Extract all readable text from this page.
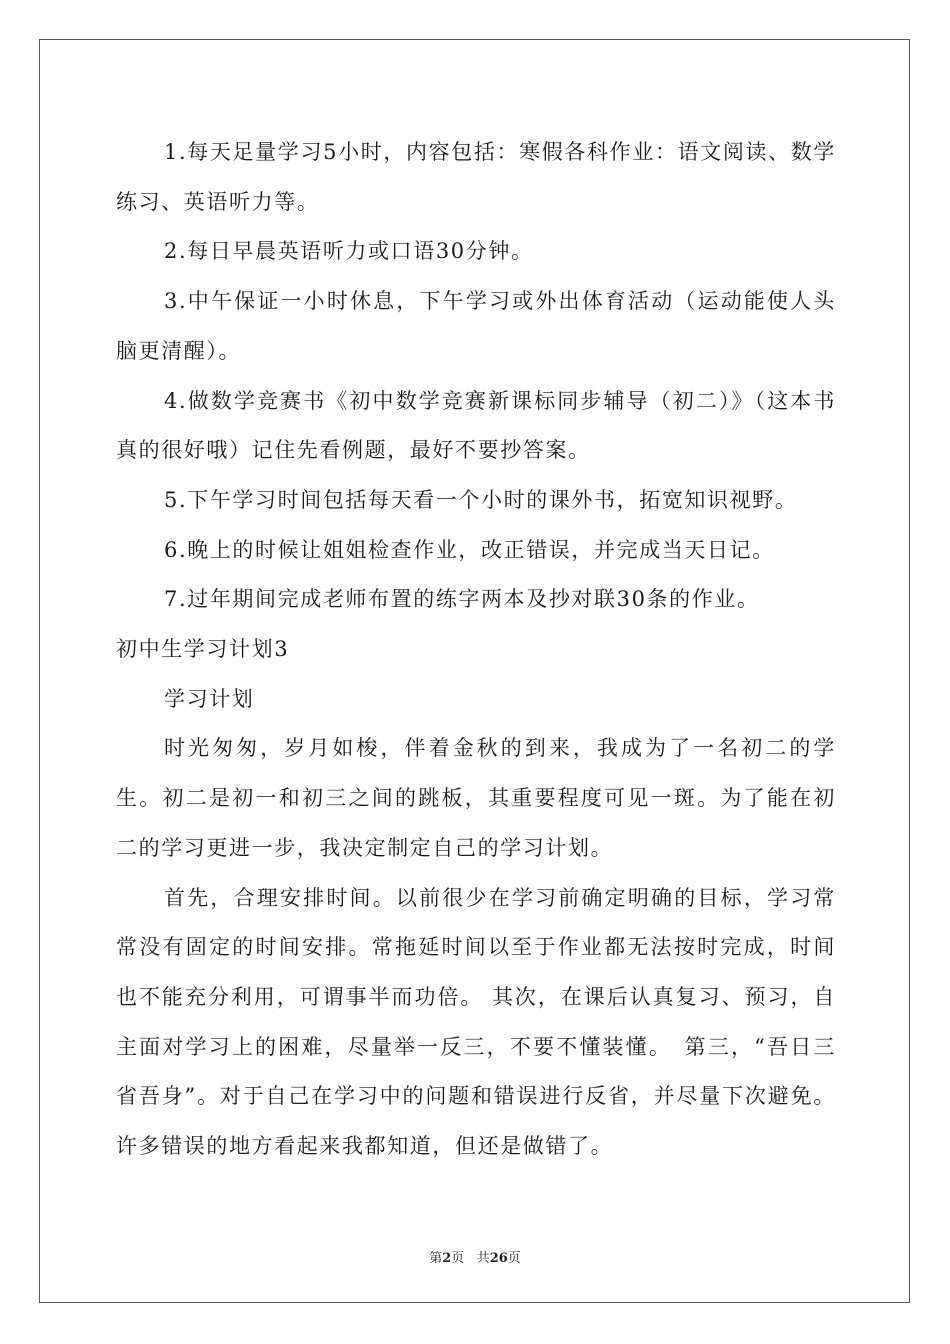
1.每天足量学习5小时，内容包括：寒假各科作业：语文阅读、数学练习、英语听力等。

2.每日早晨英语听力或口语30分钟。

3.中午保证一小时休息，下午学习或外出体育活动（运动能使人头脑更清醒）。

4.做数学竞赛书《初中数学竞赛新课标同步辅导（初二）》（这本书真的很好哦）记住先看例题，最好不要抄答案。

5.下午学习时间包括每天看一个小时的课外书，拓宽知识视野。

6.晚上的时候让姐姐检查作业，改正错误，并完成当天日记。

7.过年期间完成老师布置的练字两本及抄对联30条的作业。

初中生学习计划3

学习计划

时光匆匆，岁月如梭，伴着金秋的到来，我成为了一名初二的学生。初二是初一和初三之间的跳板，其重要程度可见一斑。为了能在初二的学习更进一步，我决定制定自己的学习计划。

首先，合理安排时间。以前很少在学习前确定明确的目标，学习常常没有固定的时间安排。常拖延时间以至于作业都无法按时完成，时间也不能充分利用，可谓事半而功倍。 其次，在课后认真复习、预习，自主面对学习上的困难，尽量举一反三，不要不懂装懂。　第三，“吾日三省吾身”。对于自己在学习中的问题和错误进行反省，并尽量下次避免。许多错误的地方看起来我都知道，但还是做错了。

第2页 共26页
